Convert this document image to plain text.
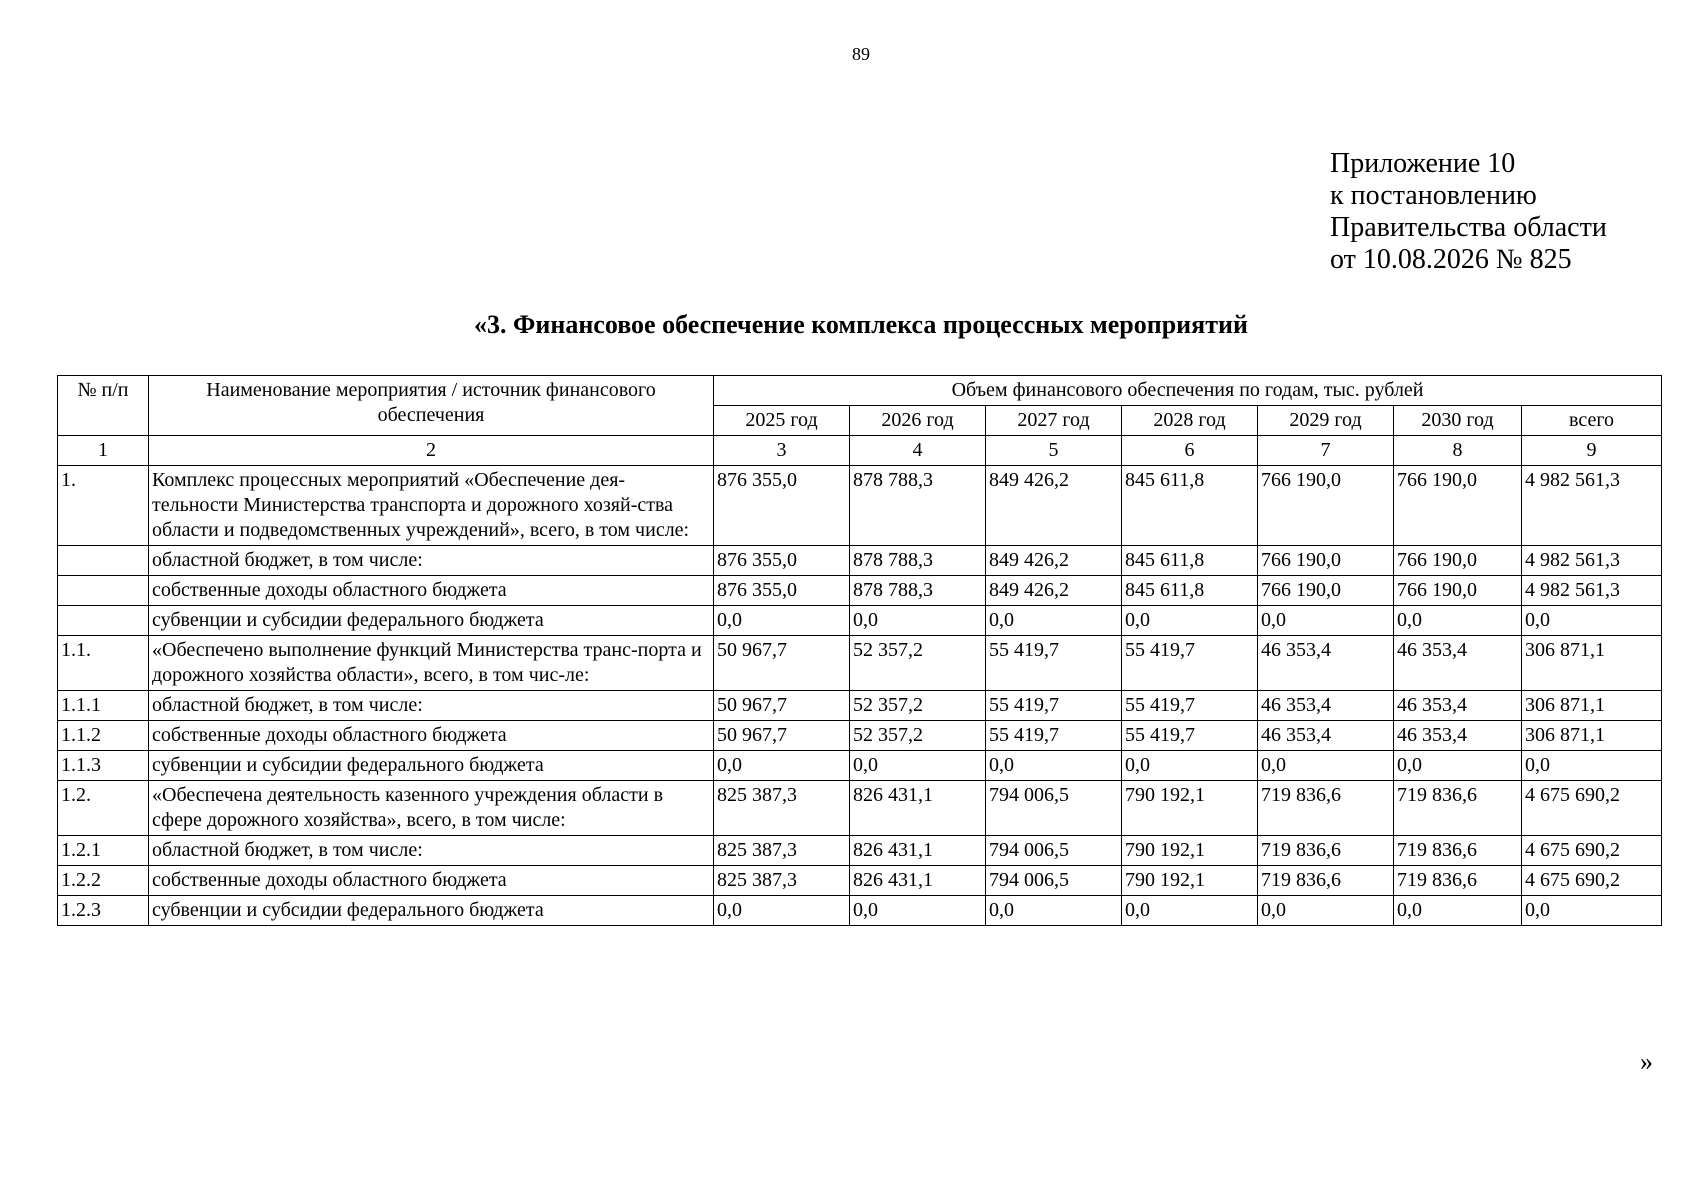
89
Приложение 10
к постановлению
Правительства области
от 10.08.2026 № 825
«3. Финансовое обеспечение комплекса процессных мероприятий
№ п/п	Наименование мероприятия / источник финансового обеспечения	Объем финансового обеспечения по годам, тыс. рублей						
		2025 год	2026 год	2027 год	2028 год	2029 год	2030 год	всего
1	2	3	4	5	6	7	8	9
1.	Комплекс процессных мероприятий «Обеспечение дея-тельности Министерства транспорта и дорожного хозяй-ства области и подведомственных учреждений», всего, в том числе:	876 355,0	878 788,3	849 426,2	845 611,8	766 190,0	766 190,0	4 982 561,3
	областной бюджет, в том числе:	876 355,0	878 788,3	849 426,2	845 611,8	766 190,0	766 190,0	4 982 561,3
	собственные доходы областного бюджета	876 355,0	878 788,3	849 426,2	845 611,8	766 190,0	766 190,0	4 982 561,3
	субвенции и субсидии федерального бюджета	0,0	0,0	0,0	0,0	0,0	0,0	0,0
1.1.	«Обеспечено выполнение функций Министерства транс-порта и дорожного хозяйства области», всего, в том чис-ле:	50 967,7	52 357,2	55 419,7	55 419,7	46 353,4	46 353,4	306 871,1
1.1.1	областной бюджет, в том числе:	50 967,7	52 357,2	55 419,7	55 419,7	46 353,4	46 353,4	306 871,1
1.1.2	собственные доходы областного бюджета	50 967,7	52 357,2	55 419,7	55 419,7	46 353,4	46 353,4	306 871,1
1.1.3	субвенции и субсидии федерального бюджета	0,0	0,0	0,0	0,0	0,0	0,0	0,0
1.2.	«Обеспечена деятельность казенного учреждения области в сфере дорожного хозяйства», всего, в том числе:	825 387,3	826 431,1	794 006,5	790 192,1	719 836,6	719 836,6	4 675 690,2
1.2.1	областной бюджет, в том числе:	825 387,3	826 431,1	794 006,5	790 192,1	719 836,6	719 836,6	4 675 690,2
1.2.2	собственные доходы областного бюджета	825 387,3	826 431,1	794 006,5	790 192,1	719 836,6	719 836,6	4 675 690,2
1.2.3	субвенции и субсидии федерального бюджета	0,0	0,0	0,0	0,0	0,0	0,0	0,0
»
